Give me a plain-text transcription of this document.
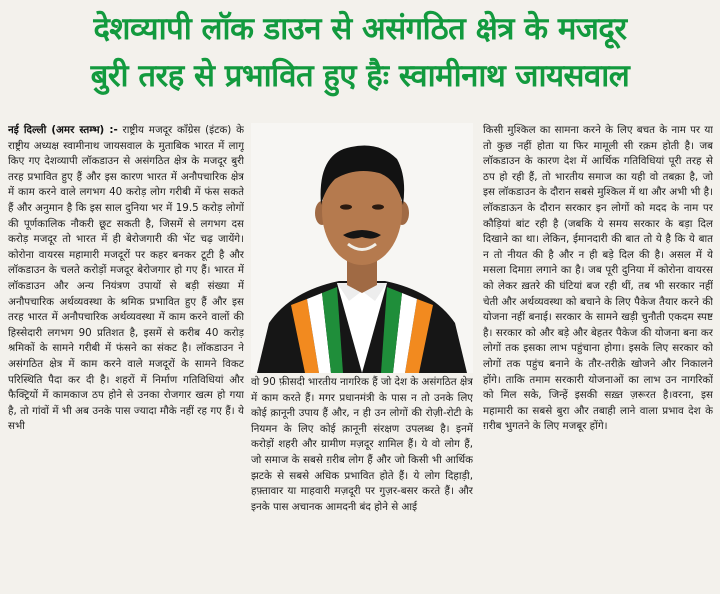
देशव्यापी लॉक डाउन से असंगठित क्षेत्र के मजदूर
बुरी तरह से प्रभावित हुए हैः स्वामीनाथ जायसवाल

नई दिल्ली (अमर स्तम्भ) :- राष्ट्रीय मजदूर काँग्रेस (इंटक) के राष्ट्रीय अध्यक्ष स्वामीनाथ जायसवाल के मुताबिक भारत में लागू किए गए देशव्यापी लॉकडाउन से असंगठित क्षेत्र के मजदूर बुरी तरह प्रभावित हुए हैं और इस कारण भारत में अनौपचारिक क्षेत्र में काम करने वाले लगभग 40 करोड़ लोग गरीबी में फंस सकते हैं और अनुमान है कि इस साल दुनिया भर में 19.5 करोड़ लोगों की पूर्णकालिक नौकरी छूट सकती है, जिसमें से लगभग दस करोड़ मजदूर तो भारत में ही बेरोजगारी की भेंट चढ़ जायेंगे। कोरोना वायरस महामारी मजदूरों पर कहर बनकर टूटी है और लॉकडाउन के चलते करोड़ों मजदूर बेरोजगार हो गए हैं। भारत में लॉकडाउन और अन्य नियंत्रण उपायों से बड़ी संख्या में अनौपचारिक अर्थव्यवस्था के श्रमिक प्रभावित हुए हैं और इस तरह भारत में अनौपचारिक अर्थव्यवस्था में काम करने वालों की हिस्सेदारी लगभग 90 प्रतिशत है, इसमें से करीब 40 करोड़ श्रमिकों के सामने गरीबी में फंसने का संकट है। लॉकडाउन ने असंगठित क्षेत्र में काम करने वाले मजदूरों के सामने विकट परिस्थिति पैदा कर दी है। शहरों में निर्माण गतिविधियां और फैक्ट्रियों में कामकाज ठप होने से उनका रोजगार खत्म हो गया है, तो गांवों में भी अब उनके पास ज्यादा मौके नहीं रह गए हैं। ये सभी

वो 90 फ़ीसदी भारतीय नागरिक हैं जो देश के असंगठित क्षेत्र में काम करते हैं। मगर प्रधानमंत्री के पास न तो उनके लिए कोई क़ानूनी उपाय हैं और, न ही उन लोगों की रोज़ी-रोटी के नियमन के लिए कोई क़ानूनी संरक्षण उपलब्ध है। इनमें करोड़ों शहरी और ग्रामीण मज़दूर शामिल हैं। ये वो लोग हैं, जो समाज के सबसे ग़रीब लोग हैं और जो किसी भी आर्थिक झटके से सबसे अधिक प्रभावित होते हैं। ये लोग दिहाड़ी, हफ़्तावार या माहवारी मज़दूरी पर गुज़र-बसर करते हैं। और इनके पास अचानक आमदनी बंद होने से आई

किसी मुश्किल का सामना करने के लिए बचत के नाम पर या तो कुछ नहीं होता या फिर मामूली सी रक़म होती है। जब लॉकडाउन के कारण देश में आर्थिक गतिविधियां पूरी तरह से ठप हो रही हैं, तो भारतीय समाज का यही वो तबक़ा है, जो इस लॉकडाउन के दौरान सबसे मुश्किल में था और अभी भी है। लॉकडाऊन के दौरान सरकार इन लोगों को मदद के नाम पर कौड़ियां बांट रही है (जबकि ये समय सरकार के बड़ा दिल दिखाने का था। लेकिन, ईमानदारी की बात तो ये है कि ये बात न तो नीयत की है और न ही बड़े दिल की है। असल में ये मसला दिमाग़ लगाने का है। जब पूरी दुनिया में कोरोना वायरस को लेकर ख़तरे की घंटियां बज रही थीं, तब भी सरकार नहीं चेती और अर्थव्यवस्था को बचाने के लिए पैकेज तैयार करने की योजना नहीं बनाई। सरकार के सामने खड़ी चुनौती एकदम स्पष्ट है। सरकार को और बड़े और बेहतर पैकेज की योजना बना कर लोगों तक इसका लाभ पहुंचाना होगा। इसके लिए सरकार को लोगों तक पहुंच बनाने के तौर-तरीक़े खोजने और निकालने होंगे। ताकि तमाम सरकारी योजनाओं का लाभ उन नागरिकों को मिल सके, जिन्हें इसकी सख़्त ज़रूरत है।वरना, इस महामारी का सबसे बुरा और तबाही लाने वाला प्रभाव देश के ग़रीब भुगतने के लिए मजबूर होंगे।
